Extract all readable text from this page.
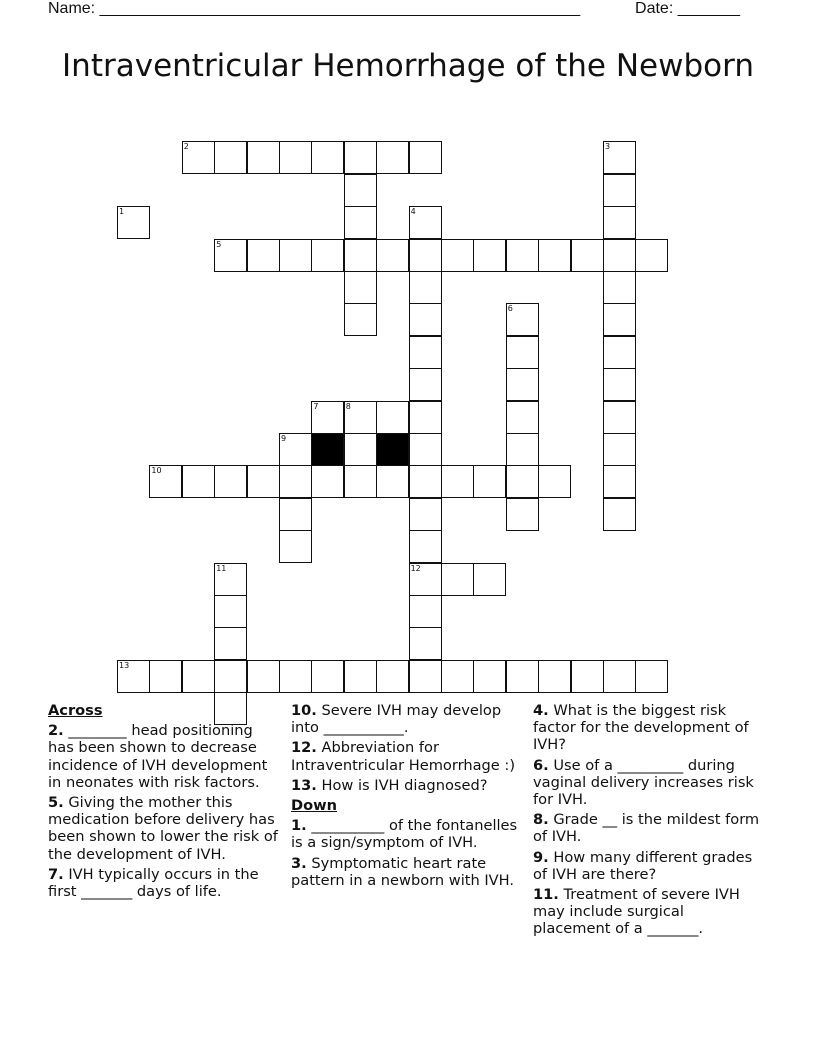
Name: ______________________________________________________	Date: _______
Intraventricular Hemorrhage of the Newborn
1
2	3
4
5
6
7	8
9
10
11	12
13
Across
2. ________ head positioning has been shown to decrease incidence of IVH development in neonates with risk factors.
5. Giving the mother this medication before delivery has been shown to lower the risk of the development of IVH.
7. IVH typically occurs in the first _______ days of life.
10. Severe IVH may develop into ___________.
12. Abbreviation for Intraventricular Hemorrhage :)
13. How is IVH diagnosed?
Down
1. __________ of the fontanelles is a sign/symptom of IVH.
3. Symptomatic heart rate pattern in a newborn with IVH.
4. What is the biggest risk factor for the development of IVH?
6. Use of a _________ during vaginal delivery increases risk for IVH.
8. Grade __ is the mildest form of IVH.
9. How many different grades of IVH are there?
11. Treatment of severe IVH may include surgical placement of a _______.
